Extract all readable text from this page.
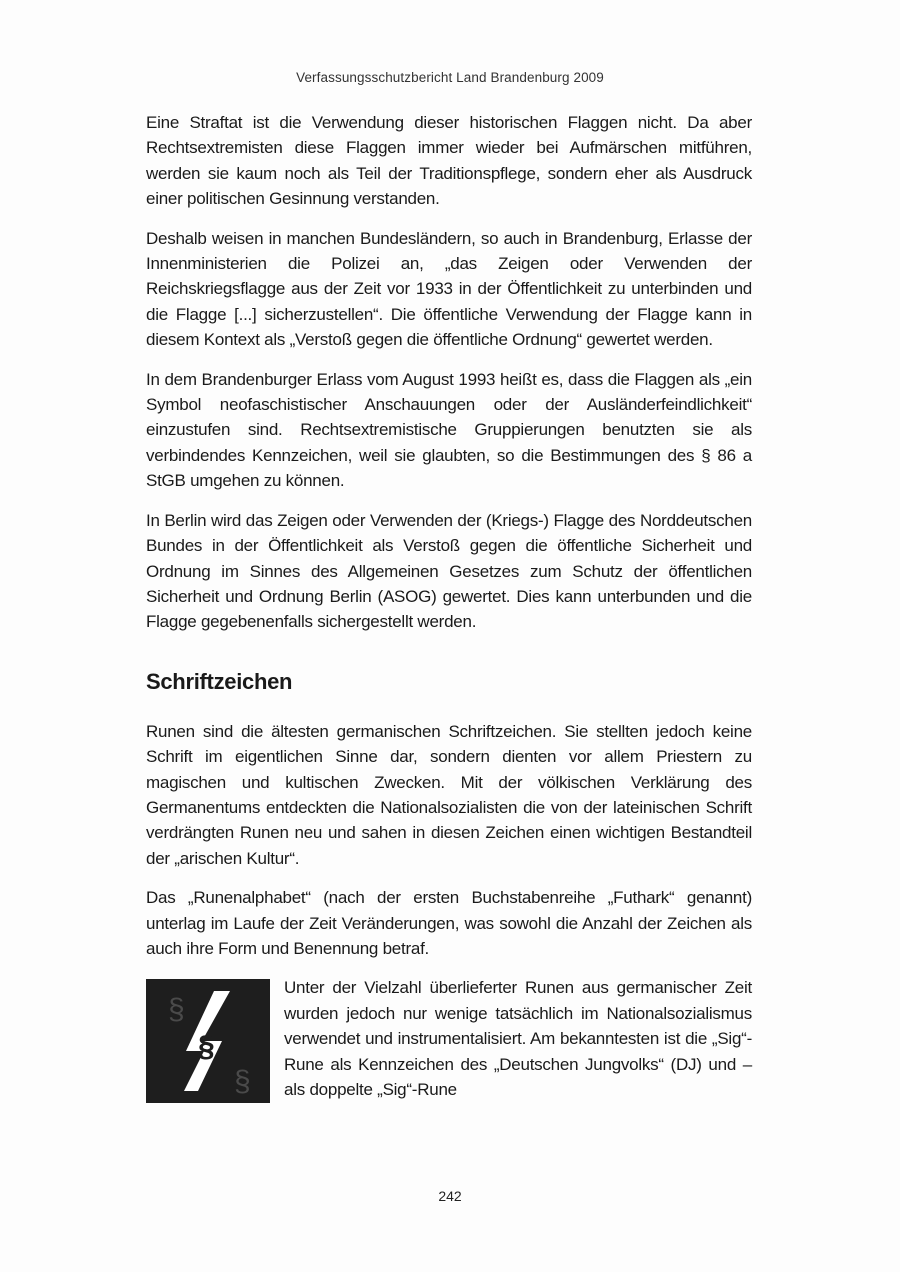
Verfassungsschutzbericht Land Brandenburg 2009

Eine Straftat ist die Verwendung dieser historischen Flaggen nicht. Da aber Rechtsextremisten diese Flaggen immer wieder bei Aufmärschen mitführen, werden sie kaum noch als Teil der Traditionspflege, sondern eher als Ausdruck einer politischen Gesinnung verstanden.

Deshalb weisen in manchen Bundesländern, so auch in Brandenburg, Erlasse der Innenministerien die Polizei an, „das Zeigen oder Verwenden der Reichskriegsflagge aus der Zeit vor 1933 in der Öffentlichkeit zu unterbinden und die Flagge [...] sicherzustellen“. Die öffentliche Verwendung der Flagge kann in diesem Kontext als „Verstoß gegen die öffentliche Ordnung“ gewertet werden.

In dem Brandenburger Erlass vom August 1993 heißt es, dass die Flaggen als „ein Symbol neofaschistischer Anschauungen oder der Ausländerfeindlichkeit“ einzustufen sind. Rechtsextremistische Gruppierungen benutzten sie als verbindendes Kennzeichen, weil sie glaubten, so die Bestimmungen des § 86 a StGB umgehen zu können.

In Berlin wird das Zeigen oder Verwenden der (Kriegs-) Flagge des Norddeutschen Bundes in der Öffentlichkeit als Verstoß gegen die öffentliche Sicherheit und Ordnung im Sinnes des Allgemeinen Gesetzes zum Schutz der öffentlichen Sicherheit und Ordnung Berlin (ASOG) gewertet. Dies kann unterbunden und die Flagge gegebenenfalls sichergestellt werden.

Schriftzeichen

Runen sind die ältesten germanischen Schriftzeichen. Sie stellten jedoch keine Schrift im eigentlichen Sinne dar, sondern dienten vor allem Priestern zu magischen und kultischen Zwecken. Mit der völkischen Verklärung des Germanentums entdeckten die Nationalsozialisten die von der lateinischen Schrift verdrängten Runen neu und sahen in diesen Zeichen einen wichtigen Bestandteil der „arischen Kultur“.

Das „Runenalphabet“ (nach der ersten Buchstabenreihe „Futhark“ genannt) unterlag im Laufe der Zeit Veränderungen, was sowohl die Anzahl der Zeichen als auch ihre Form und Benennung betraf.

§
§
§

Unter der Vielzahl überlieferter Runen aus germanischer Zeit wurden jedoch nur wenige tatsächlich im Nationalsozialismus verwendet und instrumentalisiert. Am bekanntesten ist die „Sig“-Rune als Kennzeichen des „Deutschen Jungvolks“ (DJ) und – als doppelte „Sig“-Rune

242
